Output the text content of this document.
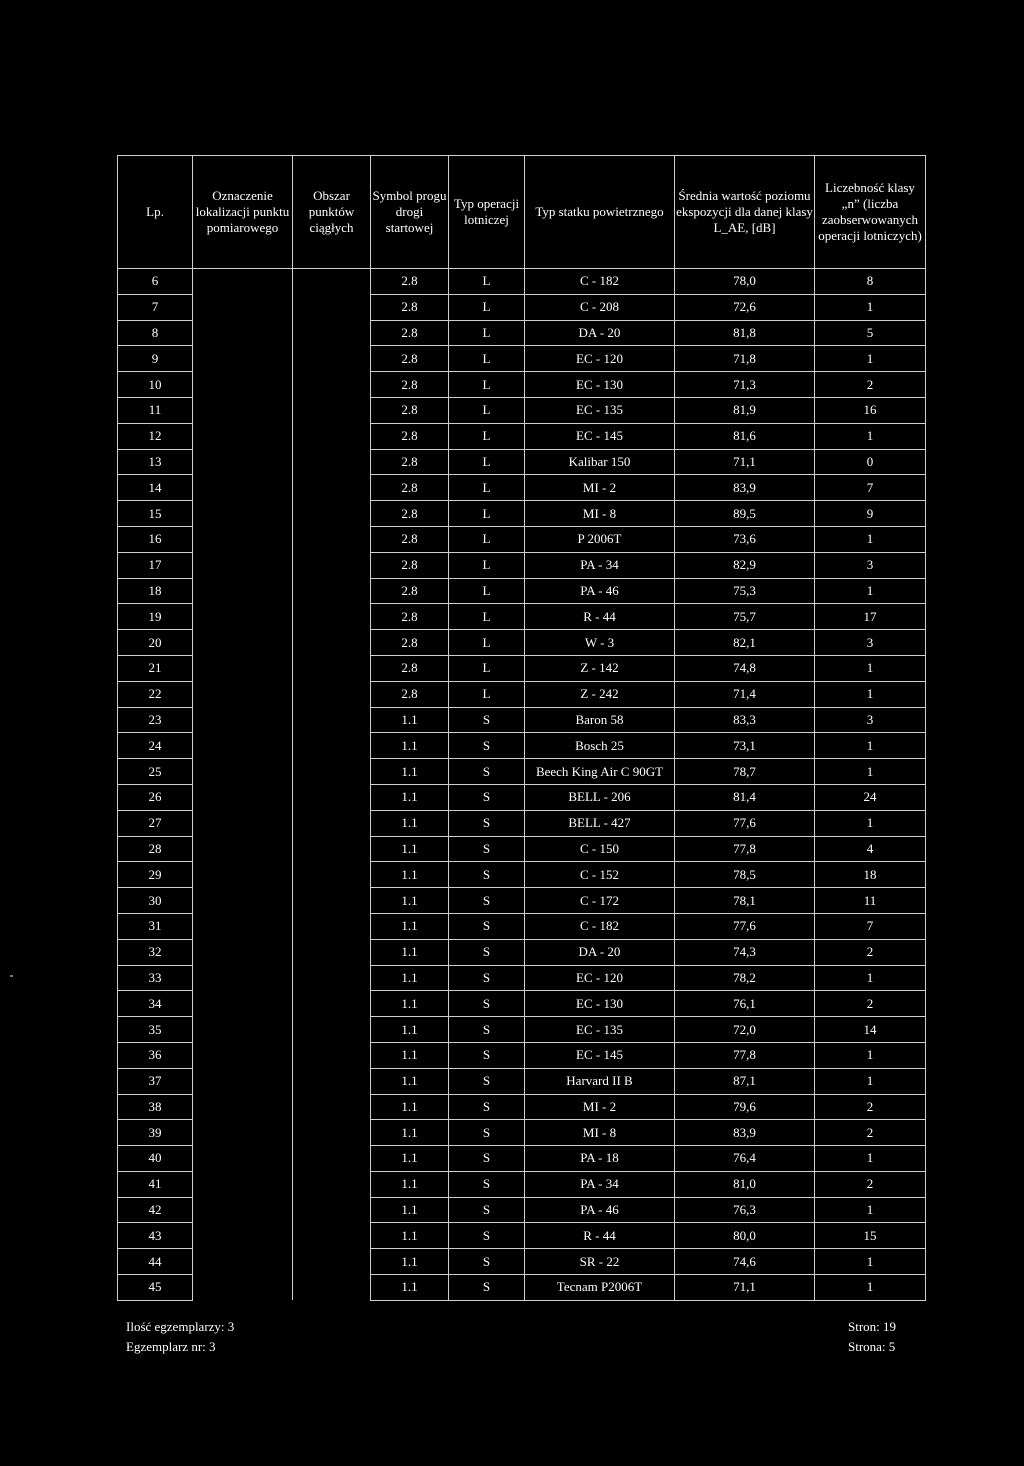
Lp.	Oznaczenie lokalizacji punktu pomiarowego	Obszar punktów ciągłych	Symbol progu drogi startowej	Typ operacji lotniczej	Typ statku powietrznego	Średnia wartość poziomu ekspozycji dla danej klasy L_AE, [dB]	Liczebność klasy „n” (liczba zaobserwowanych operacji lotniczych)
6			2.8	L	C - 182	78,0	8
7			2.8	L	C - 208	72,6	1
8			2.8	L	DA - 20	81,8	5
9			2.8	L	EC - 120	71,8	1
10			2.8	L	EC - 130	71,3	2
11			2.8	L	EC - 135	81,9	16
12			2.8	L	EC - 145	81,6	1
13			2.8	L	Kalibar 150	71,1	0
14			2.8	L	MI - 2	83,9	7
15			2.8	L	MI - 8	89,5	9
16			2.8	L	P 2006T	73,6	1
17			2.8	L	PA - 34	82,9	3
18			2.8	L	PA - 46	75,3	1
19			2.8	L	R - 44	75,7	17
20			2.8	L	W - 3	82,1	3
21			2.8	L	Z - 142	74,8	1
22			2.8	L	Z - 242	71,4	1
23			1.1	S	Baron 58	83,3	3
24			1.1	S	Bosch 25	73,1	1
25			1.1	S	Beech King Air C 90GT	78,7	1
26			1.1	S	BELL - 206	81,4	24
27			1.1	S	BELL - 427	77,6	1
28			1.1	S	C - 150	77,8	4
29			1.1	S	C - 152	78,5	18
30			1.1	S	C - 172	78,1	11
31			1.1	S	C - 182	77,6	7
32			1.1	S	DA - 20	74,3	2
33			1.1	S	EC - 120	78,2	1
34			1.1	S	EC - 130	76,1	2
35			1.1	S	EC - 135	72,0	14
36			1.1	S	EC - 145	77,8	1
37			1.1	S	Harvard II B	87,1	1
38			1.1	S	MI - 2	79,6	2
39			1.1	S	MI - 8	83,9	2
40			1.1	S	PA - 18	76,4	1
41			1.1	S	PA - 34	81,0	2
42			1.1	S	PA - 46	76,3	1
43			1.1	S	R - 44	80,0	15
44			1.1	S	SR - 22	74,6	1
45			1.1	S	Tecnam P2006T	71,1	1
Ilość egzemplarzy: 3
Egzemplarz nr: 3
Stron: 19
Strona: 5
